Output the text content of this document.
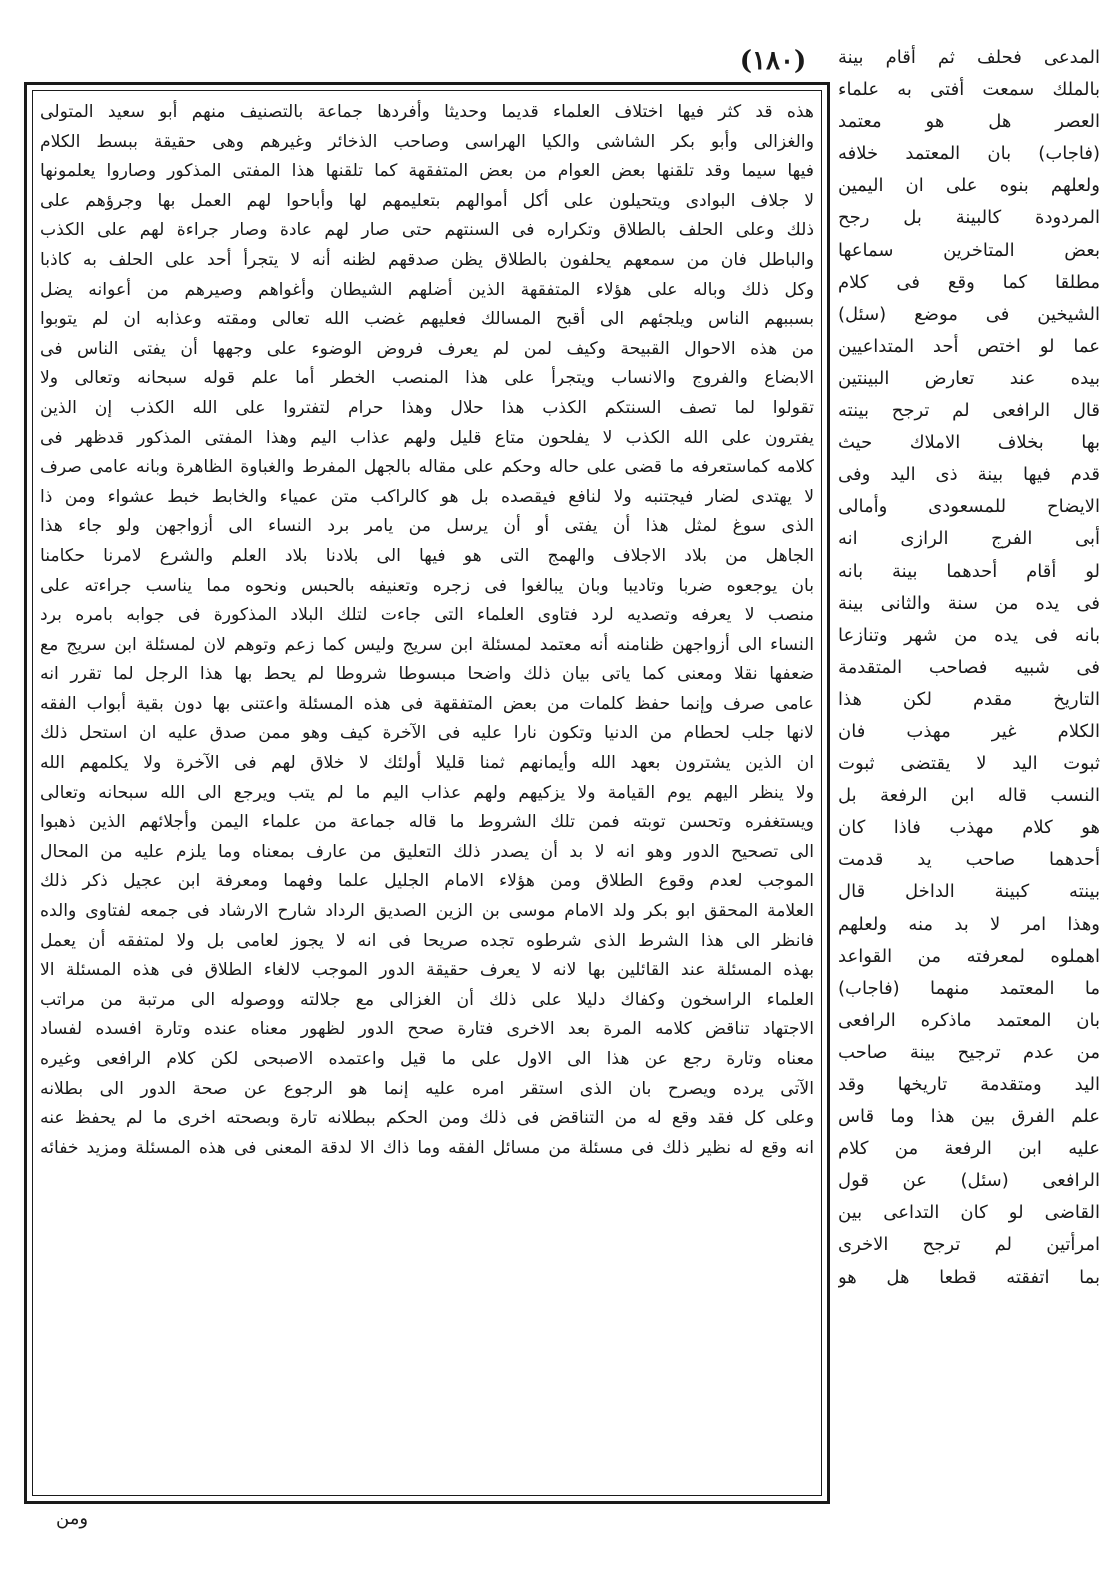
(١٨٠)
هذه قد كثر فيها اختلاف العلماء قديما وحديثا وأفردها جماعة بالتصنيف منهم أبو سعيد المتولى
والغزالى وأبو بكر الشاشى والكيا الهراسى وصاحب الذخائر وغيرهم وهى حقيقة ببسط الكلام
فيها سيما وقد تلقنها بعض العوام من بعض المتفقهة كما تلقنها هذا المفتى المذكور وصاروا يعلمونها
لا جلاف البوادى ويتحيلون على أكل أموالهم بتعليمهم لها وأباحوا لهم العمل بها وجرؤهم على
ذلك وعلى الحلف بالطلاق وتكراره فى السنتهم حتى صار لهم عادة وصار جراءة لهم على الكذب
والباطل فان من سمعهم يحلفون بالطلاق يظن صدقهم لظنه أنه لا يتجرأ أحد على الحلف به كاذبا
وكل ذلك وباله على هؤلاء المتفقهة الذين أضلهم الشيطان وأغواهم وصيرهم من أعوانه يضل
بسببهم الناس ويلجئهم الى أقبح المسالك فعليهم غضب الله تعالى ومقته وعذابه ان لم يتوبوا
من هذه الاحوال القبيحة وكيف لمن لم يعرف فروض الوضوء على وجهها أن يفتى الناس فى
الابضاع والفروج والانساب ويتجرأ على هذا المنصب الخطر أما علم قوله سبحانه وتعالى ولا
تقولوا لما تصف السنتكم الكذب هذا حلال وهذا حرام لتفتروا على الله الكذب إن الذين
يفترون على الله الكذب لا يفلحون متاع قليل ولهم عذاب اليم وهذا المفتى المذكور قدظهر فى
كلامه كماستعرفه ما قضى على حاله وحكم على مقاله بالجهل المفرط والغباوة الظاهرة وبانه عامى صرف
لا يهتدى لضار فيجتنبه ولا لنافع فيقصده بل هو كالراكب متن عمياء والخابط خبط عشواء ومن ذا
الذى سوغ لمثل هذا أن يفتى أو أن يرسل من يامر برد النساء الى أزواجهن ولو جاء هذا
الجاهل من بلاد الاجلاف والهمج التى هو فيها الى بلادنا بلاد العلم والشرع لامرنا حكامنا
بان يوجعوه ضربا وتاديبا وبان يبالغوا فى زجره وتعنيفه بالحبس ونحوه مما يناسب جراءته على
منصب لا يعرفه وتصديه لرد فتاوى العلماء التى جاءت لتلك البلاد المذكورة فى جوابه بامره برد
النساء الى أزواجهن ظنامنه أنه معتمد لمسئلة ابن سريج وليس كما زعم وتوهم لان لمسئلة ابن سريج مع
ضعفها نقلا ومعنى كما ياتى بيان ذلك واضحا مبسوطا شروطا لم يحط بها هذا الرجل لما تقرر انه
عامى صرف وإنما حفظ كلمات من بعض المتفقهة فى هذه المسئلة واعتنى بها دون بقية أبواب الفقه
لانها جلب لحطام من الدنيا وتكون نارا عليه فى الآخرة كيف وهو ممن صدق عليه ان استحل ذلك
ان الذين يشترون بعهد الله وأيمانهم ثمنا قليلا أولئك لا خلاق لهم فى الآخرة ولا يكلمهم الله
ولا ينظر اليهم يوم القيامة ولا يزكيهم ولهم عذاب اليم ما لم يتب ويرجع الى الله سبحانه وتعالى
ويستغفره وتحسن توبته فمن تلك الشروط ما قاله جماعة من علماء اليمن وأجلائهم الذين ذهبوا
الى تصحيح الدور وهو انه لا بد أن يصدر ذلك التعليق من عارف بمعناه وما يلزم عليه من المحال
الموجب لعدم وقوع الطلاق ومن هؤلاء الامام الجليل علما وفهما ومعرفة ابن عجيل ذكر ذلك
العلامة المحقق ابو بكر ولد الامام موسى بن الزين الصديق الرداد شارح الارشاد فى جمعه لفتاوى والده
فانظر الى هذا الشرط الذى شرطوه تجده صريحا فى انه لا يجوز لعامى بل ولا لمتفقه أن يعمل
بهذه المسئلة عند القائلين بها لانه لا يعرف حقيقة الدور الموجب لالغاء الطلاق فى هذه المسئلة الا
العلماء الراسخون وكفاك دليلا على ذلك أن الغزالى مع جلالته ووصوله الى مرتبة من مراتب
الاجتهاد تناقض كلامه المرة بعد الاخرى فتارة صحح الدور لظهور معناه عنده وتارة افسده لفساد
معناه وتارة رجع عن هذا الى الاول على ما قيل واعتمده الاصبحى لكن كلام الرافعى وغيره
الآتى يرده ويصرح بان الذى استقر امره عليه إنما هو الرجوع عن صحة الدور الى بطلانه
وعلى كل فقد وقع له من التناقض فى ذلك ومن الحكم ببطلانه تارة وبصحته اخرى ما لم يحفظ عنه
انه وقع له نظير ذلك فى مسئلة من مسائل الفقه وما ذاك الا لدقة المعنى فى هذه المسئلة ومزيد خفائه
المدعى فحلف ثم أقام بينة
بالملك سمعت أفتى به علماء
العصر هل هو معتمد
(فاجاب) بان المعتمد خلافه
ولعلهم بنوه على ان اليمين
المردودة كالبينة بل رجح
بعض المتاخرين سماعها
مطلقا كما وقع فى كلام
الشيخين فى موضع (سئل)
عما لو اختص أحد المتداعيين
بيده عند تعارض البينتين
قال الرافعى لم ترجح بينته
بها بخلاف الاملاك حيث
قدم فيها بينة ذى اليد وفى
الايضاح للمسعودى وأمالى
أبى الفرج الرازى انه
لو أقام أحدهما بينة بانه
فى يده من سنة والثانى بينة
بانه فى يده من شهر وتنازعا
فى شبيه فصاحب المتقدمة
التاريخ مقدم لكن هذا
الكلام غير مهذب فان
ثبوت اليد لا يقتضى ثبوت
النسب قاله ابن الرفعة بل
هو كلام مهذب فاذا كان
أحدهما صاحب يد قدمت
بينته كبينة الداخل قال
وهذا امر لا بد منه ولعلهم
اهملوه لمعرفته من القواعد
ما المعتمد منهما (فاجاب)
بان المعتمد ماذكره الرافعى
من عدم ترجيح بينة صاحب
اليد ومتقدمة تاريخها وقد
علم الفرق بين هذا وما قاس
عليه ابن الرفعة من كلام
الرافعى (سئل) عن قول
القاضى لو كان التداعى بين
امرأتين لم ترجح الاخرى
بما اتفقته قطعا هل هو
ومن
